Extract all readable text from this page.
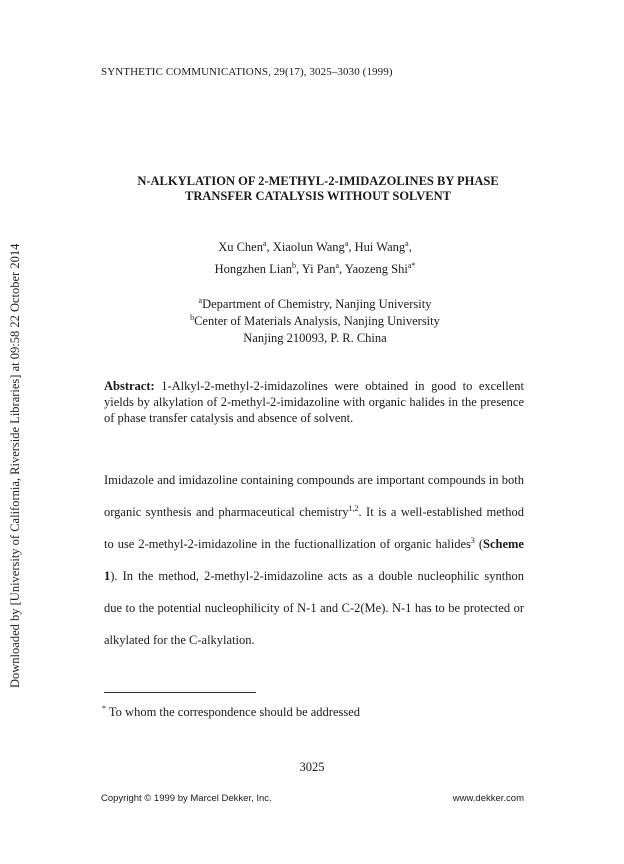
SYNTHETIC COMMUNICATIONS, 29(17), 3025–3030 (1999)
Downloaded by [University of California, Riverside Libraries] at 09:58 22 October 2014
N-ALKYLATION OF 2-METHYL-2-IMIDAZOLINES BY PHASE
TRANSFER CATALYSIS WITHOUT SOLVENT
Xu Chen$^a$, Xiaolun Wang$^a$, Hui Wang$^a$,
Hongzhen Lian$^b$, Yi Pan$^a$, Yaozeng Shi$^{a*}$
$^a$Department of Chemistry, Nanjing University
$^b$Center of Materials Analysis, Nanjing University
Nanjing 210093, P. R. China
Abstract: 1-Alkyl-2-methyl-2-imidazolines were obtained in good to excellent yields by alkylation of 2-methyl-2-imidazoline with organic halides in the presence of phase transfer catalysis and absence of solvent.

Imidazole and imidazoline containing compounds are important compounds in both organic synthesis and pharmaceutical chemistry$^{1,2}$. It is a well-established method to use 2-methyl-2-imidazoline in the fuctionallization of organic halides$^3$ (Scheme 1). In the method, 2-methyl-2-imidazoline acts as a double nucleophilic synthon due to the potential nucleophilicity of N-1 and C-2(Me). N-1 has to be protected or alkylated for the C-alkylation.

* To whom the correspondence should be addressed
3025
Copyright © 1999 by Marcel Dekker, Inc.	www.dekker.com
